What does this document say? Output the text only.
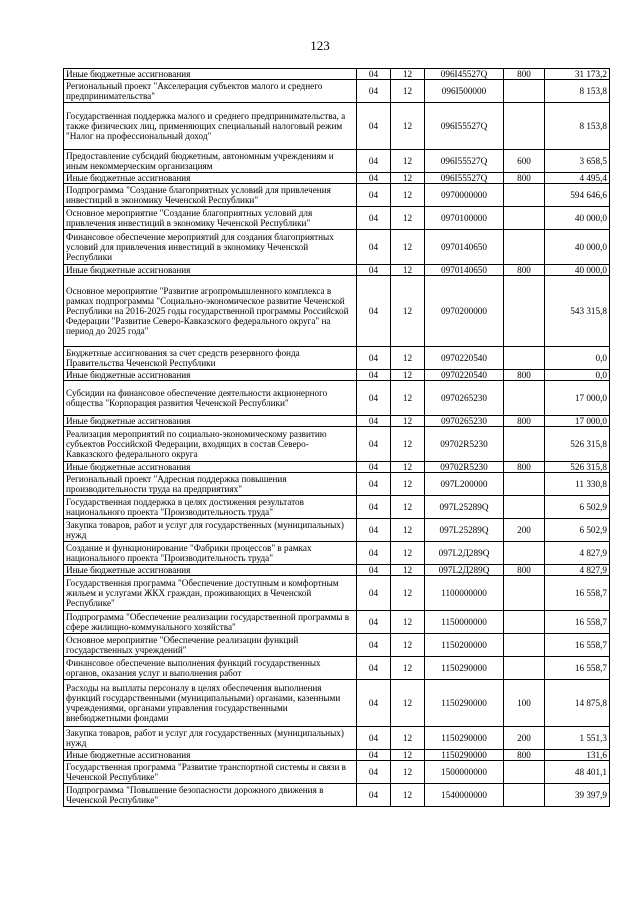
123
Иные бюджетные ассигнования	04	12	096I45527Q	800	31 173,2
Региональный проект "Акселерация субъектов малого и среднего предпринимательства"	04	12	096I500000		8 153,8
Государственная поддержка малого и среднего предпринимательства, а также физических лиц, применяющих специальный налоговый режим "Налог на профессиональный доход"	04	12	096I55527Q		8 153,8
Предоставление субсидий бюджетным, автономным учреждениям и иным некоммерческим организациям	04	12	096I55527Q	600	3 658,5
Иные бюджетные ассигнования	04	12	096I55527Q	800	4 495,4
Подпрограмма "Создание благоприятных условий для привлечения инвестиций в экономику Чеченской Республики"	04	12	0970000000		594 646,6
Основное мероприятие "Создание благоприятных условий для привлечения инвестиций в экономику Чеченской Республики"	04	12	0970100000		40 000,0
Финансовое обеспечение мероприятий для создания благоприятных условий для привлечения инвестиций в экономику Чеченской Республики	04	12	0970140650		40 000,0
Иные бюджетные ассигнования	04	12	0970140650	800	40 000,0
Основное мероприятие "Развитие агропромышленного комплекса в рамках подпрограммы "Социально-экономическое развитие Чеченской Республики на 2016-2025 годы государственной программы Российской Федерации "Развитие Северо-Кавказского федерального округа" на период до 2025 года"	04	12	0970200000		543 315,8
Бюджетные ассигнования за счет средств резервного фонда Правительства Чеченской Республики	04	12	0970220540		0,0
Иные бюджетные ассигнования	04	12	0970220540	800	0,0
Субсидии на финансовое обеспечение деятельности акционерного общества "Корпорация развития Чеченской Республики"	04	12	0970265230		17 000,0
Иные бюджетные ассигнования	04	12	0970265230	800	17 000,0
Реализация мероприятий по социально-экономическому развитию субъектов Российской Федерации, входящих в состав Северо-Кавказского федерального округа	04	12	09702R5230		526 315,8
Иные бюджетные ассигнования	04	12	09702R5230	800	526 315,8
Региональный проект "Адресная поддержка повышения производительности труда на предприятиях"	04	12	097L200000		11 330,8
Государственная поддержка в целях достижения результатов национального проекта "Производительность труда"	04	12	097L25289Q		6 502,9
Закупка товаров, работ и услуг для государственных (муниципальных) нужд	04	12	097L25289Q	200	6 502,9
Создание и функционирование "Фабрики процессов" в рамках национального проекта "Производительность труда"	04	12	097L2Д289Q		4 827,9
Иные бюджетные ассигнования	04	12	097L2Д289Q	800	4 827,9
Государственная программа "Обеспечение доступным и комфортным жильем и услугами ЖКХ граждан, проживающих в Чеченской Республике"	04	12	1100000000		16 558,7
Подпрограмма "Обеспечение реализации государственной программы в сфере жилищно-коммунального хозяйства"	04	12	1150000000		16 558,7
Основное мероприятие "Обеспечение реализации функций государственных учреждений"	04	12	1150200000		16 558,7
Финансовое обеспечение выполнения функций государственных органов, оказания услуг и выполнения работ	04	12	1150290000		16 558,7
Расходы на выплаты персоналу в целях обеспечения выполнения функций государственными (муниципальными) органами, казенными учреждениями, органами управления государственными внебюджетными фондами	04	12	1150290000	100	14 875,8
Закупка товаров, работ и услуг для государственных (муниципальных) нужд	04	12	1150290000	200	1 551,3
Иные бюджетные ассигнования	04	12	1150290000	800	131,6
Государственная программа "Развитие транспортной системы и связи в Чеченской Республике"	04	12	1500000000		48 401,1
Подпрограмма "Повышение безопасности дорожного движения в Чеченской Республике"	04	12	1540000000		39 397,9
